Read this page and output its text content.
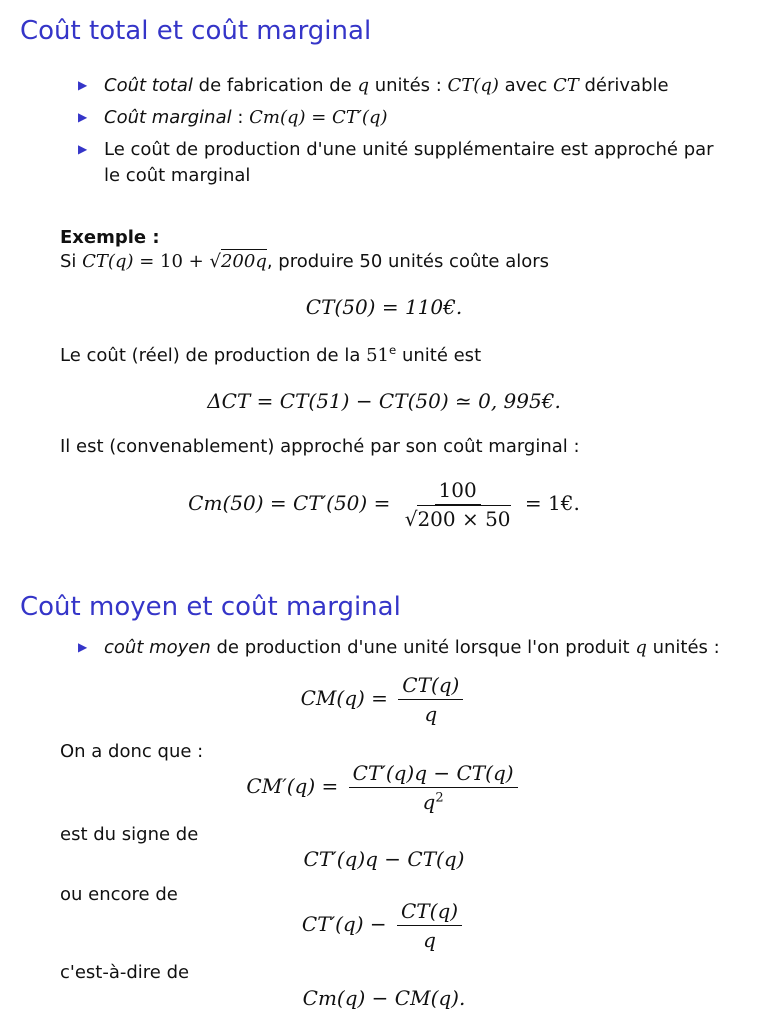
Coût total et coût marginal
▶ Coût total de fabrication de q unités : CT(q) avec CT dérivable
▶ Coût marginal : Cm(q) = CT′(q)
▶ Le coût de production d'une unité supplémentaire est approché par
le coût marginal
Exemple :
Si CT(q) = 10 + √200q, produire 50 unités coûte alors
CT(50) = 110€.
Le coût (réel) de production de la 51e unité est
ΔCT = CT(51) − CT(50) ≃ 0, 995€.
Il est (convenablement) approché par son coût marginal :
$Cm(50) = CT'(50) = \frac{100}{√200 \times 50}$ = 1€.
Coût moyen et coût marginal
▶ coût moyen de production d'une unité lorsque l'on produit q unités :
$CM(q) = \frac{CT(q)}{q}$
On a donc que :
$CM'(q) = \frac{CT'(q)q - CT(q)}{q^2}$
est du signe de
CT′(q)q − CT(q)
ou encore de
$CT'(q) - \frac{CT(q)}{q}$
c'est-à-dire de
Cm(q) − CM(q).
